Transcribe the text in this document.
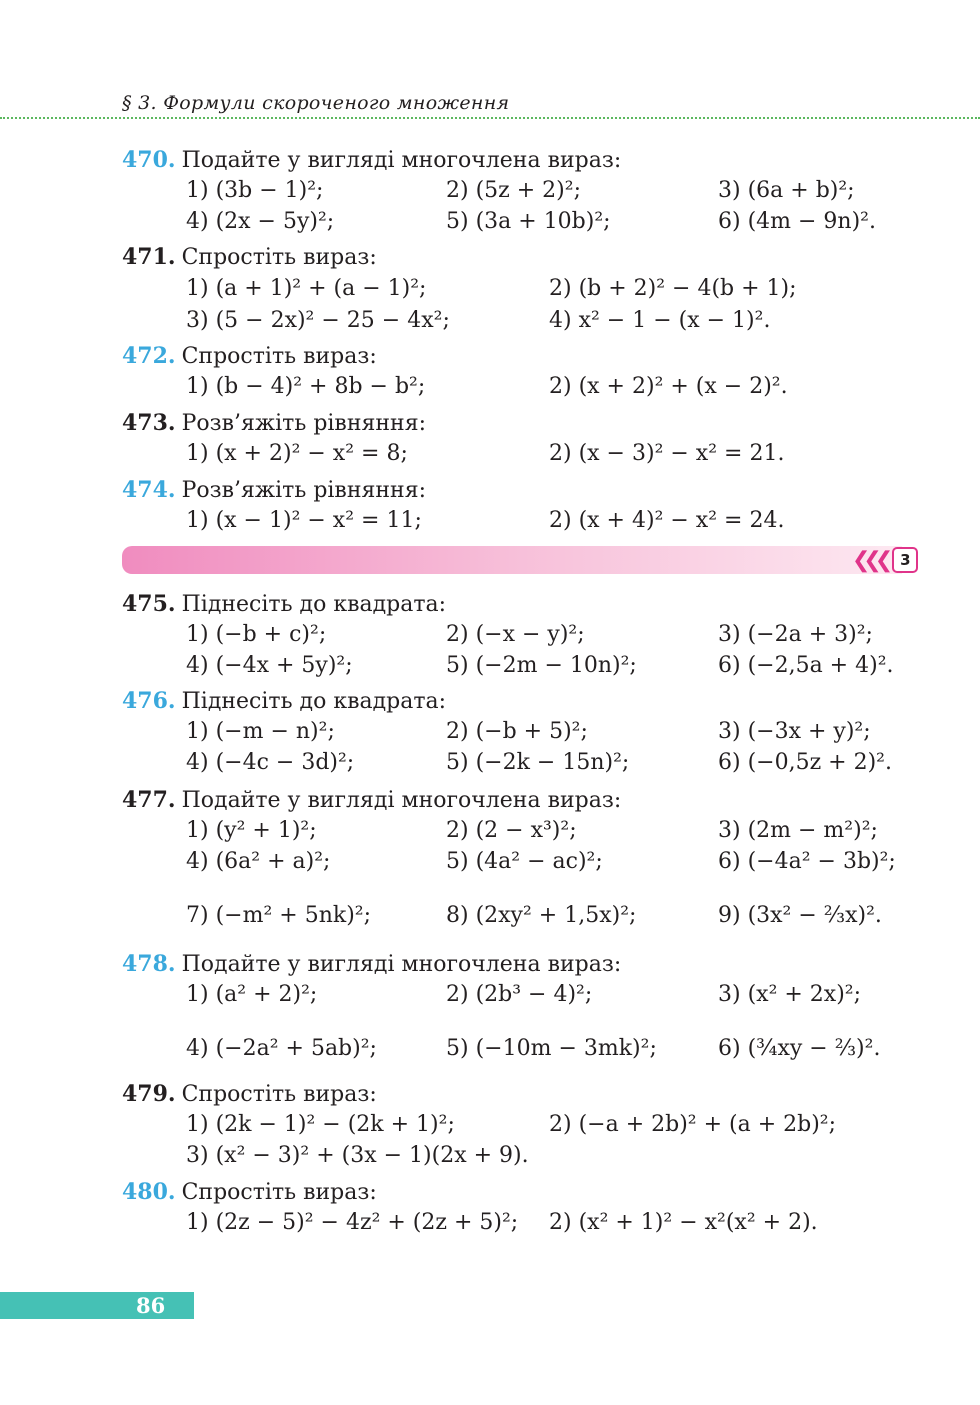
§ 3. Формули скороченого множення
470. Подайте у вигляді многочлена вираз:
1) (3b − 1)²;	2) (5z + 2)²;	3) (6a + b)²;
4) (2x − 5y)²;	5) (3a + 10b)²;	6) (4m − 9n)².
471. Спростіть вираз:
1) (a + 1)² + (a − 1)²;	2) (b + 2)² − 4(b + 1);
3) (5 − 2x)² − 25 − 4x²;	4) x² − 1 − (x − 1)².
472. Спростіть вираз:
1) (b − 4)² + 8b − b²;	2) (x + 2)² + (x − 2)².
473. Розв’яжіть рівняння:
1) (x + 2)² − x² = 8;	2) (x − 3)² − x² = 21.
474. Розв’яжіть рівняння:
1) (x − 1)² − x² = 11;	2) (x + 4)² − x² = 24.
❮❮❮ 3
475. Піднесіть до квадрата:
1) (−b + c)²;	2) (−x − y)²;	3) (−2a + 3)²;
4) (−4x + 5y)²;	5) (−2m − 10n)²;	6) (−2,5a + 4)².
476. Піднесіть до квадрата:
1) (−m − n)²;	2) (−b + 5)²;	3) (−3x + y)²;
4) (−4c − 3d)²;	5) (−2k − 15n)²;	6) (−0,5z + 2)².
477. Подайте у вигляді многочлена вираз:
1) (y² + 1)²;	2) (2 − x³)²;	3) (2m − m²)²;
4) (6a² + a)²;	5) (4a² − ac)²;	6) (−4a² − 3b)²;
7) (−m² + 5nk)²;	8) (2xy² + 1,5x)²;	9) (3x² − ⅔x)².
478. Подайте у вигляді многочлена вираз:
1) (a² + 2)²;	2) (2b³ − 4)²;	3) (x² + 2x)²;
4) (−2a² + 5ab)²;	5) (−10m − 3mk)²;	6) (¾xy − ⅔)².
479. Спростіть вираз:
1) (2k − 1)² − (2k + 1)²;	2) (−a + 2b)² + (a + 2b)²;
3) (x² − 3)² + (3x − 1)(2x + 9).
480. Спростіть вираз:
1) (2z − 5)² − 4z² + (2z + 5)²; 2) (x² + 1)² − x²(x² + 2).
86
